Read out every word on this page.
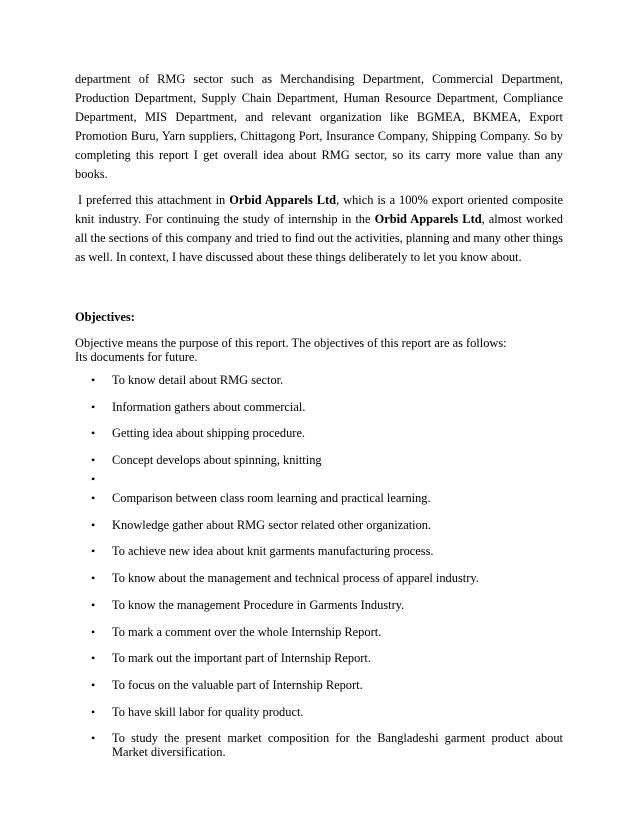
department of RMG sector such as Merchandising Department, Commercial Department, Production Department, Supply Chain Department, Human Resource Department, Compliance Department, MIS Department, and relevant organization like BGMEA, BKMEA, Export Promotion Buru, Yarn suppliers, Chittagong Port, Insurance Company, Shipping Company. So by completing this report I get overall idea about RMG sector, so its carry more value than any books.

I preferred this attachment in Orbid Apparels Ltd, which is a 100% export oriented composite knit industry. For continuing the study of internship in the Orbid Apparels Ltd, almost worked all the sections of this company and tried to find out the activities, planning and many other things as well. In context, I have discussed about these things deliberately to let you know about.

Objectives:
Objective means the purpose of this report. The objectives of this report are as follows:
Its documents for future.
• To know detail about RMG sector.
• Information gathers about commercial.
• Getting idea about shipping procedure.
• Concept develops about spinning, knitting
•
• Comparison between class room learning and practical learning.
• Knowledge gather about RMG sector related other organization.
• To achieve new idea about knit garments manufacturing process.
• To know about the management and technical process of apparel industry.
• To know the management Procedure in Garments Industry.
• To mark a comment over the whole Internship Report.
• To mark out the important part of Internship Report.
• To focus on the valuable part of Internship Report.
• To have skill labor for quality product.
• To study the present market composition for the Bangladeshi garment product about Market diversification.
